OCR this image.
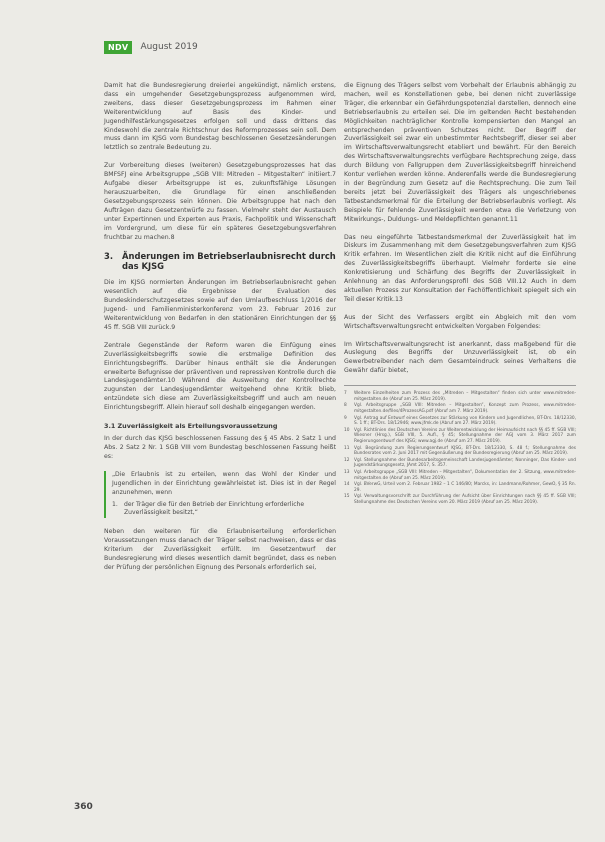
NDV	August 2019

Damit hat die Bundesregierung dreierlei angekündigt, nämlich erstens, dass ein umgehender Gesetzgebungsprozess aufgenommen wird, zweitens, dass dieser Gesetzgebungsprozess im Rahmen einer Weiterentwicklung auf Basis des Kinder- und Jugendhilfestärkungsgesetzes erfolgen soll und dass drittens das Kindeswohl die zentrale Richtschnur des Reformprozesses sein soll. Dem muss dann im KJSG vom Bundestag beschlossenen Gesetzesänderungen letztlich so zentrale Bedeutung zu.

Zur Vorbereitung dieses (weiteren) Gesetzgebungsprozesses hat das BMFSFJ eine Arbeitsgruppe „SGB VIII: Mitreden – Mitgestalten“ initiiert.7 Aufgabe dieser Arbeitsgruppe ist es, zukunftsfähige Lösungen herauszuarbeiten, die Grundlage für einen anschließenden Gesetzgebungsprozess sein können. Die Arbeitsgruppe hat nach den Aufträgen dazu Gesetzentwürfe zu fassen. Vielmehr steht der Austausch unter Expertinnen und Experten aus Praxis, Fachpolitik und Wissenschaft im Vordergrund, um diese für ein späteres Gesetzgebungsverfahren fruchtbar zu machen.8

3.	Änderungen im Betriebserlaubnisrecht durch das KJSG

Die im KJSG normierten Änderungen im Betriebserlaubnisrecht gehen wesentlich auf die Ergebnisse der Evaluation des Bundeskinderschutzgesetzes sowie auf den Umlaufbeschluss 1/2016 der Jugend- und Familienministerkonferenz vom 23. Februar 2016 zur Weiterentwicklung von Bedarfen in den stationären Einrichtungen der §§ 45 ff. SGB VIII zurück.9

Zentrale Gegenstände der Reform waren die Einfügung eines Zuverlässigkeitsbegriffs sowie die erstmalige Definition des Einrichtungsbegriffs. Darüber hinaus enthält sie die Änderungen erweiterte Befugnisse der präventiven und repressiven Kontrolle durch die Landesjugendämter.10 Während die Ausweitung der Kontrollrechte zugunsten der Landesjugendämter weitgehend ohne Kritik blieb, entzündete sich diese am Zuverlässigkeitsbegriff und auch am neuen Einrichtungsbegriff. Allein hierauf soll deshalb eingegangen werden.

3.1 Zuverlässigkeit als Erteilungsvoraussetzung

In der durch das KJSG beschlossenen Fassung des § 45 Abs. 2 Satz 1 und Abs. 2 Satz 2 Nr. 1 SGB VIII vom Bundestag beschlossenen Fassung heißt es:

„Die Erlaubnis ist zu erteilen, wenn das Wohl der Kinder und Jugendlichen in der Einrichtung gewährleistet ist. Dies ist in der Regel anzunehmen, wenn

1.	der Träger die für den Betrieb der Einrichtung erforderliche Zuverlässigkeit besitzt,“

Neben den weiteren für die Erlaubniserteilung erforderlichen Voraussetzungen muss danach der Träger selbst nachweisen, dass er das Kriterium der Zuverlässigkeit erfüllt. Im Gesetzentwurf der Bundesregierung wird dieses wesentlich damit begründet, dass es neben der Prüfung der persönlichen Eignung des Personals erforderlich sei,

die Eignung des Trägers selbst vom Vorbehalt der Erlaubnis abhängig zu machen, weil es Konstellationen gebe, bei denen nicht zuverlässige Träger, die erkennbar ein Gefährdungspotenzial darstellen, dennoch eine Betriebserlaubnis zu erteilen sei. Die im geltenden Recht bestehenden Möglichkeiten nachträglicher Kontrolle kompensierten den Mangel an entsprechenden präventiven Schutzes nicht. Der Begriff der Zuverlässigkeit sei zwar ein unbestimmter Rechtsbegriff, dieser sei aber im Wirtschaftsverwaltungsrecht etabliert und bewährt. Für den Bereich des Wirtschaftsverwaltungsrechts verfügbare Rechtsprechung zeige, dass durch Bildung von Fallgruppen dem Zuverlässigkeitsbegriff hinreichend Kontur verliehen werden könne. Anderenfalls werde die Bundesregierung in der Begründung zum Gesetz auf die Rechtsprechung. Die zum Teil bereits jetzt bei Zuverlässigkeit des Trägers als ungeschriebenes Tatbestandsmerkmal für die Erteilung der Betriebserlaubnis vorliegt. Als Beispiele für fehlende Zuverlässigkeit werden etwa die Verletzung von Mitwirkungs-, Duldungs- und Meldepflichten genannt.11

Das neu eingeführte Tatbestandsmerkmal der Zuverlässigkeit hat im Diskurs im Zusammenhang mit dem Gesetzgebungsverfahren zum KJSG Kritik erfahren. Im Wesentlichen zielt die Kritik nicht auf die Einführung des Zuverlässigkeitsbegriffs überhaupt. Vielmehr forderte sie eine Konkretisierung und Schärfung des Begriffs der Zuverlässigkeit in Anlehnung an das Anforderungsprofil des SGB VIII.12 Auch in dem aktuellen Prozess zur Konsultation der Fachöffentlichkeit spiegelt sich ein Teil dieser Kritik.13

Aus der Sicht des Verfassers ergibt ein Abgleich mit den vom Wirtschaftsverwaltungsrecht entwickelten Vorgaben Folgendes:

Im Wirtschaftsverwaltungsrecht ist anerkannt, dass maßgebend für die Auslegung des Begriffs der Unzuverlässigkeit ist, ob ein Gewerbetreibender nach dem Gesamteindruck seines Verhaltens die Gewähr dafür bietet,

7	Weitere Einzelheiten zum Prozess des „Mitreden – Mitgestalten“ finden sich unter www.mitreden-mitgestalten.de (Abruf am 25. März 2019).
8	Vgl. Arbeitsgruppe „SGB VIII: Mitreden – Mitgestalten“, Konzept zum Prozess, www.mitreden-mitgestalten.de/files/4ProzessAG.pdf (Abruf am 7. März 2019).
9	Vgl. Antrag auf Entwurf eines Gesetzes zur Stärkung von Kindern und Jugendlichen, BT-Drs. 18/12330, S. 1 ff.; BT-Drs. 18/12946; www.jfmk.de (Abruf am 27. März 2019).
10	Vgl. Richtlinien des Deutschen Vereins zur Weiterentwicklung der Heimaufsicht nach §§ 45 ff. SGB VIII; Wiesner (Hrsg.), SGB VIII, 5. Aufl., § 45; Stellungnahme der AGJ vom 3. März 2017 zum Regierungsentwurf des KJSG; www.agj.de (Abruf am 27. März 2019).
11	Vgl. Begründung zum Regierungsentwurf KJSG, BT-Drs. 18/12330, S. 48 f.; Stellungnahme des Bundesrates vom 2. Juni 2017 mit Gegenäußerung der Bundesregierung (Abruf am 25. März 2019).
12	Vgl. Stellungnahme der Bundesarbeitsgemeinschaft Landesjugendämter; Nonninger, Das Kinder- und Jugendstärkungsgesetz, JAmt 2017, S. 357.
13	Vgl. Arbeitsgruppe „SGB VIII: Mitreden – Mitgestalten“, Dokumentation der 2. Sitzung, www.mitreden-mitgestalten.de (Abruf am 25. März 2019).
14	Vgl. BVerwG, Urteil vom 2. Februar 1982 – 1 C 146/80; Marcks, in: Landmann/Rohmer, GewO, § 35 Rn. 29.
15	Vgl. Verwaltungsvorschrift zur Durchführung der Aufsicht über Einrichtungen nach §§ 45 ff. SGB VIII; Stellungnahme des Deutschen Vereins vom 20. März 2019 (Abruf am 25. März 2019).
360
